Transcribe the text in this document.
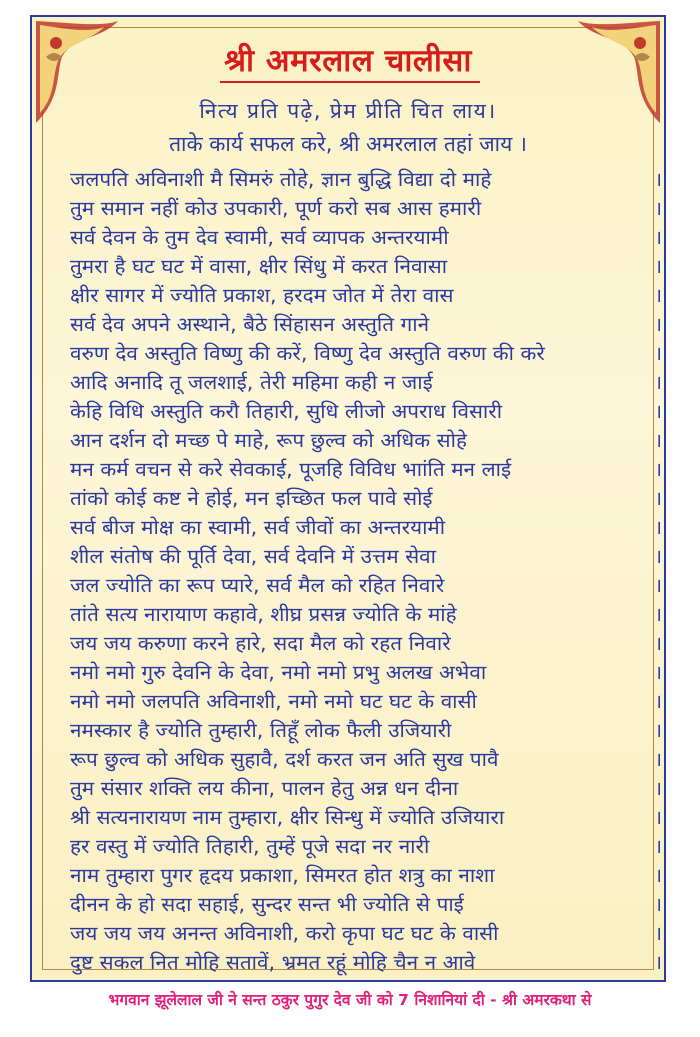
श्री अमरलाल चालीसा
नित्य प्रति पढ़े, प्रेम प्रीति चित लाय।
ताके कार्य सफल करे, श्री अमरलाल तहां जाय ।
जलपति अविनाशी मै सिमरुं तोहे, ज्ञान बुद्धि विद्या दो माहे	।
तुम समान नहीं कोउ उपकारी, पूर्ण करो सब आस हमारी	।
सर्व देवन के तुम देव स्वामी, सर्व व्यापक अन्तरयामी	।
तुमरा है घट घट में वासा, क्षीर सिंधु में करत निवासा	।
क्षीर सागर में ज्योति प्रकाश, हरदम जोत में तेरा वास	।
सर्व देव अपने अस्थाने, बैठे सिंहासन अस्तुति गाने	।
वरुण देव अस्तुति विष्णु की करें, विष्णु देव अस्तुति वरुण की करे	।
आदि अनादि तू जलशाई, तेरी महिमा कही न जाई	।
केहि विधि अस्तुति करौ तिहारी, सुधि लीजो अपराध विसारी	।
आन दर्शन दो मच्छ पे माहे, रूप छुल्व को अधिक सोहे	।
मन कर्म वचन से करे सेवकाई, पूजहि विविध भाांति मन लाई	।
तांको कोई कष्ट ने होई, मन इच्छित फल पावे सोई	।
सर्व बीज मोक्ष का स्वामी, सर्व जीवों का अन्तरयामी	।
शील संतोष की पूर्ति देवा, सर्व देवनि में उत्तम सेवा	।
जल ज्योति का रूप प्यारे, सर्व मैल को रहित निवारे	।
तांते सत्य नारायाण कहावे, शीघ्र प्रसन्न ज्योति के मांहे	।
जय जय करुणा करने हारे, सदा मैल को रहत निवारे	।
नमो नमो गुरु देवनि के देवा, नमो नमो प्रभु अलख अभेवा	।
नमो नमो जलपति अविनाशी, नमो नमो घट घट के वासी	।
नमस्कार है ज्योति तुम्हारी, तिहूँ लोक फैली उजियारी	।
रूप छुल्व को अधिक सुहावै, दर्श करत जन अति सुख पावै	।
तुम संसार शक्ति लय कीना, पालन हेतु अन्न धन दीना	।
श्री सत्यनारायण नाम तुम्हारा, क्षीर सिन्धु में ज्योति उजियारा	।
हर वस्तु में ज्योति तिहारी, तुम्हें पूजे सदा नर नारी	।
नाम तुम्हारा पुगर हृदय प्रकाशा, सिमरत होत शत्रु का नाशा	।
दीनन के हो सदा सहाई, सुन्दर सन्त भी ज्योति से पाई	।
जय जय जय अनन्त अविनाशी, करो कृपा घट घट के वासी	।
दुष्ट सकल नित मोहि सतावें, भ्रमत रहूं मोहि चैन न आवे	।
भगवान झूलेलाल जी ने सन्त ठकुर पुगुर देव जी को 7 निशानियां दी - श्री अमरकथा से
